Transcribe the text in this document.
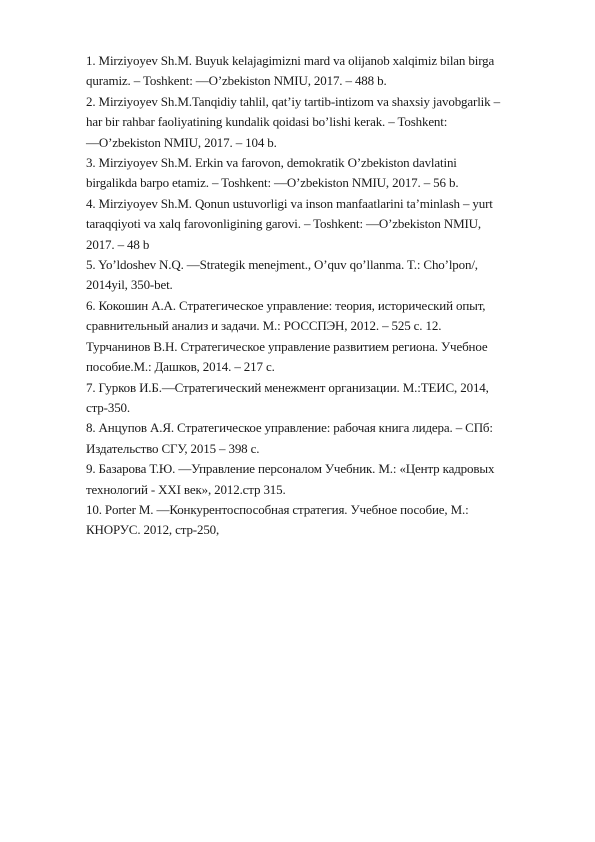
1. Mirziyoyev Sh.M. Buyuk kelajagimizni mard va olijanob xalqimiz bilan birga
quramiz. – Toshkent: ―O’zbekiston NMIU, 2017. – 488 b.
2. Mirziyoyev Sh.M.Tanqidiy tahlil, qat’iy tartib-intizom va shaxsiy javobgarlik –
har bir rahbar faoliyatining kundalik qoidasi bo’lishi kerak. – Toshkent:
―O’zbekiston NMIU, 2017. – 104 b.
3. Mirziyoyev Sh.M. Erkin va farovon, demokratik O’zbekiston davlatini
birgalikda barpo etamiz. – Toshkent: ―O’zbekiston NMIU, 2017. – 56 b.
4. Mirziyoyev Sh.M. Qonun ustuvorligi va inson manfaatlarini ta’minlash – yurt
taraqqiyoti va xalq farovonligining garovi. – Toshkent: ―O’zbekiston NMIU,
2017. – 48 b
5. Yo’ldoshev N.Q. ―Strategik menejment., O’quv qo’llanma. T.: Cho’lpon/,
2014yil, 350-bet.
6. Кокошин А.А. Стратегическое управление: теория, исторический опыт,
сравнительный анализ и задачи. М.: РОССПЭН, 2012. – 525 с. 12.
Турчанинов В.Н. Стратегическое управление развитием региона. Учебное
пособие.М.: Дашков, 2014. – 217 с.
7. Гурков И.Б.―Стратегический менежмент организации. М.:ТЕИС, 2014,
стр-350.
8. Анцупов А.Я. Стратегическое управление: рабочая книга лидера. – СПб:
Издательство СГУ, 2015 – 398 с.
9. Базарова Т.Ю. ―Управление персоналом Учебник. М.: «Центр кадровых
технологий - XXI век», 2012.стр 315.
10. Porter M. ―Конкурентоспособная стратегия. Учебное пособие, М.:
КНОРУС. 2012, стр-250,
